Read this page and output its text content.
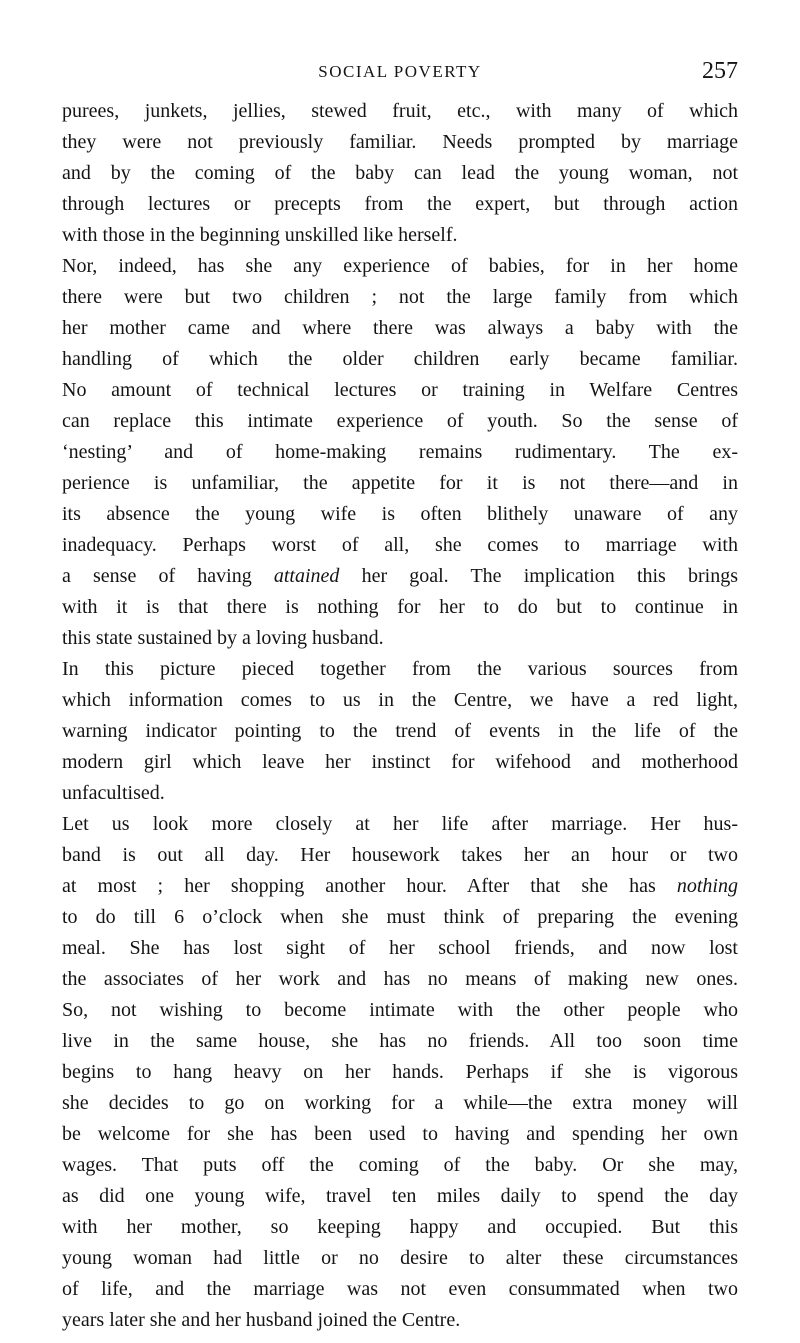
SOCIAL POVERTY	257
purees, junkets, jellies, stewed fruit, etc., with many of which
they were not previously familiar. Needs prompted by marriage
and by the coming of the baby can lead the young woman, not
through lectures or precepts from the expert, but through action
with those in the beginning unskilled like herself.
Nor, indeed, has she any experience of babies, for in her home
there were but two children ; not the large family from which
her mother came and where there was always a baby with the
handling of which the older children early became familiar.
No amount of technical lectures or training in Welfare Centres
can replace this intimate experience of youth. So the sense of
‘nesting’ and of home-making remains rudimentary. The ex-
perience is unfamiliar, the appetite for it is not there—and in
its absence the young wife is often blithely unaware of any
inadequacy. Perhaps worst of all, she comes to marriage with
a sense of having attained her goal. The implication this brings
with it is that there is nothing for her to do but to continue in
this state sustained by a loving husband.
In this picture pieced together from the various sources from
which information comes to us in the Centre, we have a red light,
warning indicator pointing to the trend of events in the life of the
modern girl which leave her instinct for wifehood and motherhood
unfacultised.
Let us look more closely at her life after marriage. Her hus-
band is out all day. Her housework takes her an hour or two
at most ; her shopping another hour. After that she has nothing
to do till 6 o’clock when she must think of preparing the evening
meal. She has lost sight of her school friends, and now lost
the associates of her work and has no means of making new ones.
So, not wishing to become intimate with the other people who
live in the same house, she has no friends. All too soon time
begins to hang heavy on her hands. Perhaps if she is vigorous
she decides to go on working for a while—the extra money will
be welcome for she has been used to having and spending her own
wages. That puts off the coming of the baby. Or she may,
as did one young wife, travel ten miles daily to spend the day
with her mother, so keeping happy and occupied. But this
young woman had little or no desire to alter these circumstances
of life, and the marriage was not even consummated when two
years later she and her husband joined the Centre.
